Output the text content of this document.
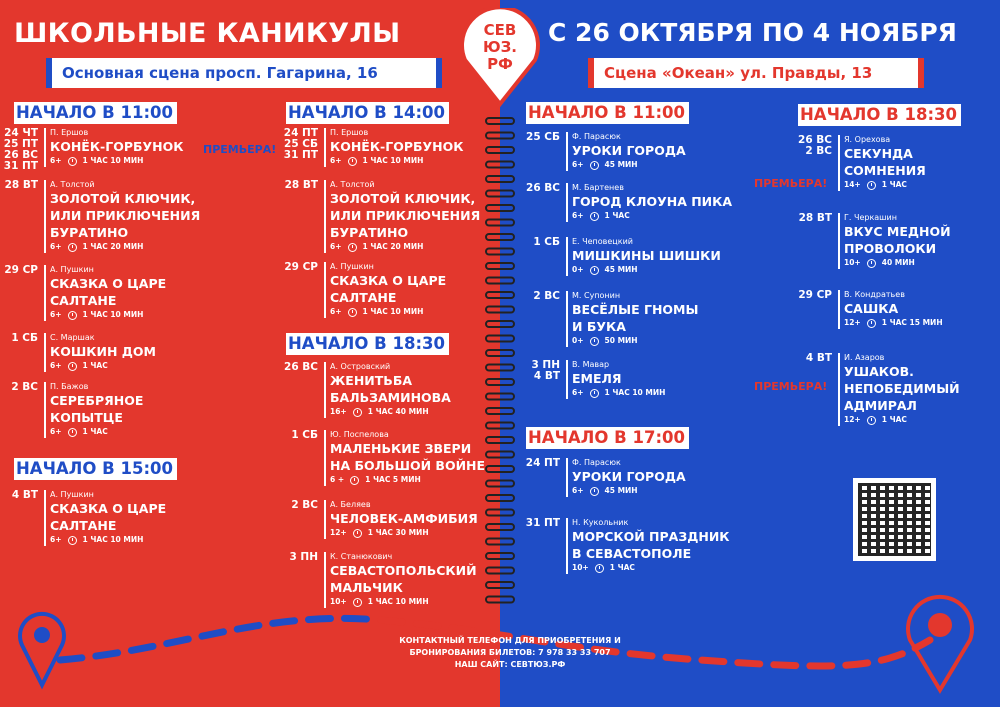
ШКОЛЬНЫЕ КАНИКУЛЫ	С 26 ОКТЯБРЯ ПО 4 НОЯБРЯ
СЕВ
ЮЗ.
РФ
Основная сцена просп. Гагарина, 16	Сцена «Океан» ул. Правды, 13
НАЧАЛО В 11:00
НАЧАЛО В 15:00
НАЧАЛО В 14:00
НАЧАЛО В 18:30
НАЧАЛО В 11:00
НАЧАЛО В 17:00
НАЧАЛО В 18:30
24 ЧТ 25 ПТ 26 ВС 31 ПТ
П. Ершов
КОНЁК-ГОРБУНОК
6+	1 ЧАС 10 МИН
ПРЕМЬЕРА!
28 ВТ	А. Толстой
ЗОЛОТОЙ КЛЮЧИК,
ИЛИ ПРИКЛЮЧЕНИЯ
БУРАТИНО
6+	1 ЧАС 20 МИН
29 СР	А. Пушкин
СКАЗКА О ЦАРЕ
САЛТАНЕ
6+	1 ЧАС 10 МИН
1 СБ	С. Маршак
КОШКИН ДОМ
6+	1 ЧАС
2 ВС	П. Бажов
СЕРЕБРЯНОЕ
КОПЫТЦЕ
6+	1 ЧАС
4 ВТ	А. Пушкин
СКАЗКА О ЦАРЕ
САЛТАНЕ
6+	1 ЧАС 10 МИН
24 ПТ 25 СБ 31 ПТ
П. Ершов
КОНЁК-ГОРБУНОК
6+	1 ЧАС 10 МИН
28 ВТ	А. Толстой
ЗОЛОТОЙ КЛЮЧИК,
ИЛИ ПРИКЛЮЧЕНИЯ
БУРАТИНО
6+	1 ЧАС 20 МИН
29 СР	А. Пушкин
СКАЗКА О ЦАРЕ
САЛТАНЕ
6+	1 ЧАС 10 МИН
26 ВС	А. Островский
ЖЕНИТЬБА
БАЛЬЗАМИНОВА
16+	1 ЧАС 40 МИН
1 СБ	Ю. Поспелова
МАЛЕНЬКИЕ ЗВЕРИ
НА БОЛЬШОЙ ВОЙНЕ
6 +	1 ЧАС 5 МИН
2 ВС	А. Беляев
ЧЕЛОВЕК-АМФИБИЯ
12+	1 ЧАС 30 МИН
3 ПН	К. Станюкович
СЕВАСТОПОЛЬСКИЙ
МАЛЬЧИК
10+	1 ЧАС 10 МИН
25 СБ	Ф. Парасюк
УРОКИ ГОРОДА
6+	45 МИН
26 ВС	М. Бартенев
ГОРОД КЛОУНА ПИКА
6+	1 ЧАС
1 СБ	Е. Чеповецкий
МИШКИНЫ ШИШКИ
0+	45 МИН
2 ВС	М. Супонин
ВЕСЁЛЫЕ ГНОМЫ
И БУКА
0+	50 МИН
3 ПН 4 ВТ
В. Мавар
ЕМЕЛЯ
6+	1 ЧАС 10 МИН
24 ПТ	Ф. Парасюк
УРОКИ ГОРОДА
6+	45 МИН
31 ПТ	Н. Кукольник
МОРСКОЙ ПРАЗДНИК
В СЕВАСТОПОЛЕ
10+	1 ЧАС
26 ВС 2 ВС
Я. Орехова
СЕКУНДА
СОМНЕНИЯ
14+	1 ЧАС
ПРЕМЬЕРА!
28 ВТ	Г. Черкашин
ВКУС МЕДНОЙ
ПРОВОЛОКИ
10+	40 МИН
29 СР	В. Кондратьев
САШКА
12+	1 ЧАС 15 МИН
4 ВТ	И. Азаров
УШАКОВ.
НЕПОБЕДИМЫЙ
АДМИРАЛ
12+	1 ЧАС
ПРЕМЬЕРА!
КОНТАКТНЫЙ ТЕЛЕФОН ДЛЯ ПРИОБРЕТЕНИЯ И
БРОНИРОВАНИЯ БИЛЕТОВ: 7 978 33 33 707
НАШ САЙТ: СЕВТЮЗ.РФ
